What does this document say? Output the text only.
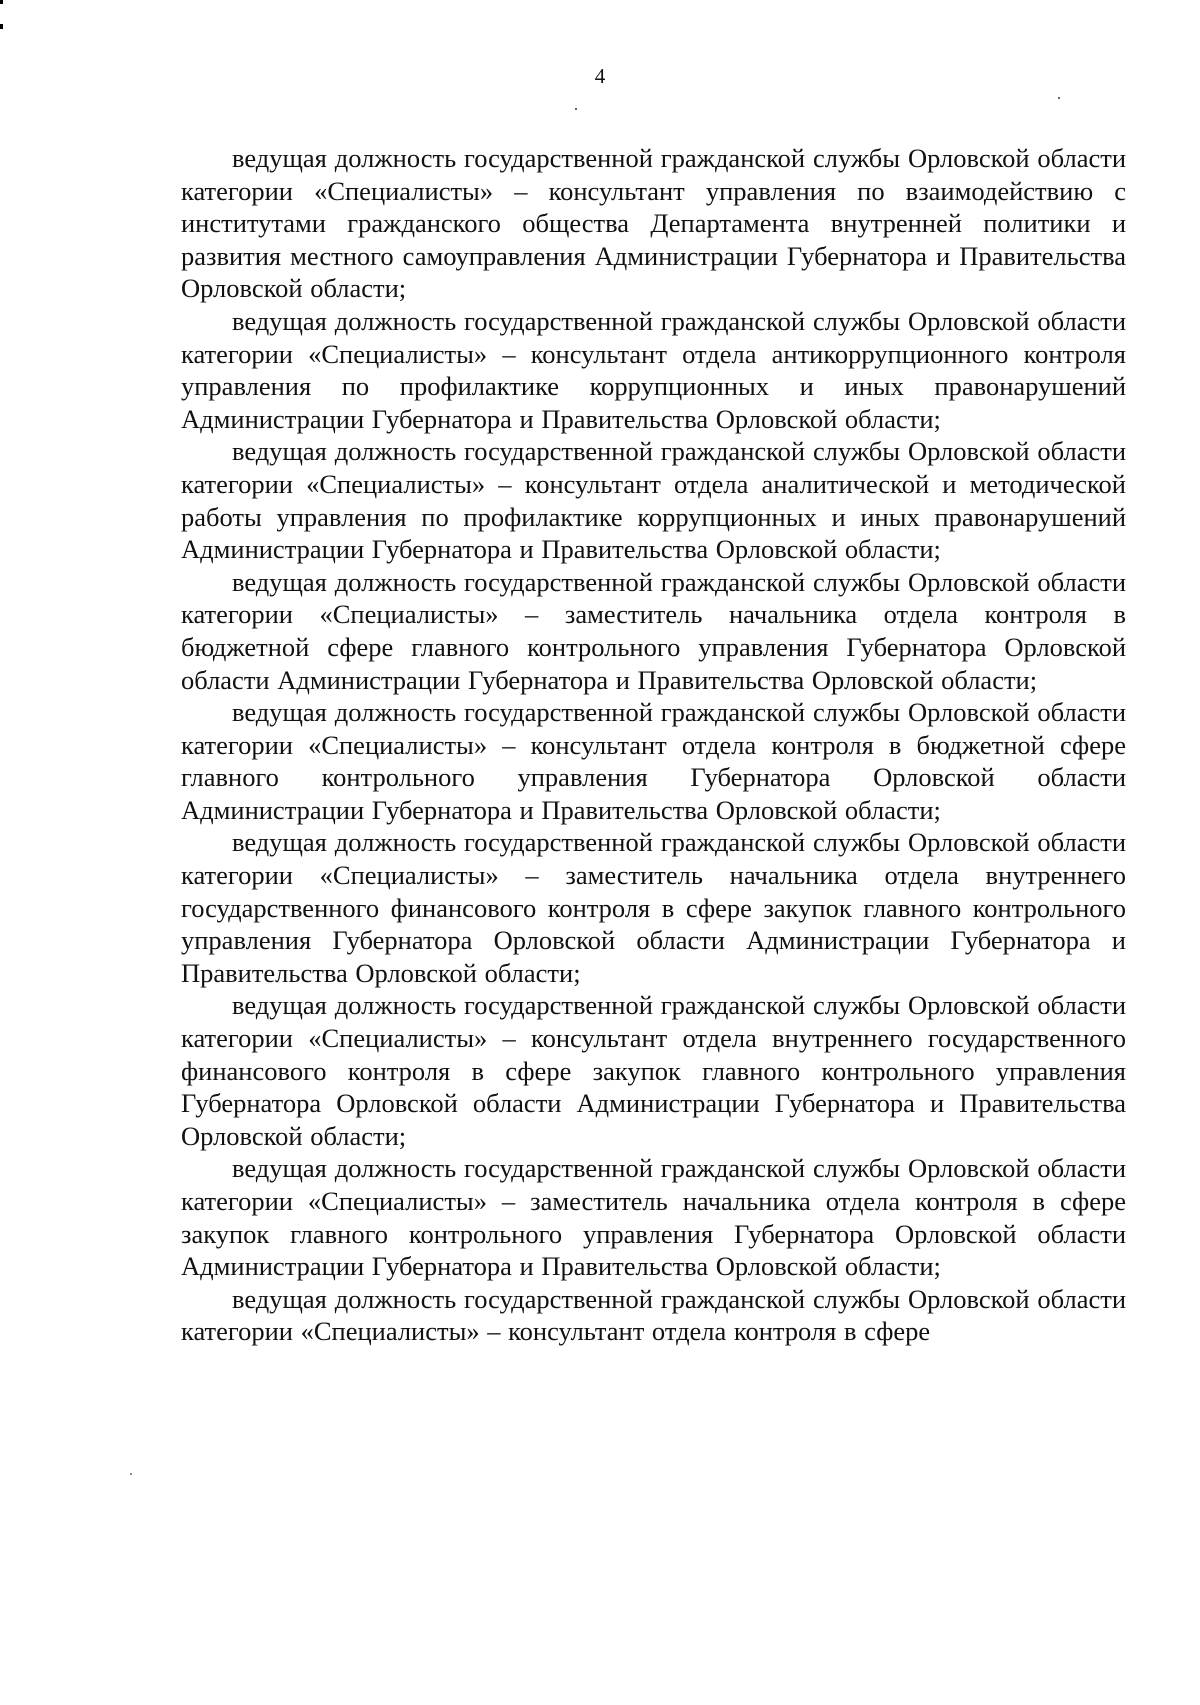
4

ведущая должность государственной гражданской службы Орловской области категории «Специалисты» – консультант управления по взаимодействию с институтами гражданского общества Департамента внутренней политики и развития местного самоуправления Администрации Губернатора и Правительства Орловской области;

ведущая должность государственной гражданской службы Орловской области категории «Специалисты» – консультант отдела антикоррупционного контроля управления по профилактике коррупционных и иных правонарушений Администрации Губернатора и Правительства Орловской области;

ведущая должность государственной гражданской службы Орловской области категории «Специалисты» – консультант отдела аналитической и методической работы управления по профилактике коррупционных и иных правонарушений Администрации Губернатора и Правительства Орловской области;

ведущая должность государственной гражданской службы Орловской области категории «Специалисты» – заместитель начальника отдела контроля в бюджетной сфере главного контрольного управления Губернатора Орловской области Администрации Губернатора и Правительства Орловской области;

ведущая должность государственной гражданской службы Орловской области категории «Специалисты» – консультант отдела контроля в бюджетной сфере главного контрольного управления Губернатора Орловской области Администрации Губернатора и Правительства Орловской области;

ведущая должность государственной гражданской службы Орловской области категории «Специалисты» – заместитель начальника отдела внутреннего государственного финансового контроля в сфере закупок главного контрольного управления Губернатора Орловской области Администрации Губернатора и Правительства Орловской области;

ведущая должность государственной гражданской службы Орловской области категории «Специалисты» – консультант отдела внутреннего государственного финансового контроля в сфере закупок главного контрольного управления Губернатора Орловской области Администрации Губернатора и Правительства Орловской области;

ведущая должность государственной гражданской службы Орловской области категории «Специалисты» – заместитель начальника отдела контроля в сфере закупок главного контрольного управления Губернатора Орловской области Администрации Губернатора и Правительства Орловской области;

ведущая должность государственной гражданской службы Орловской области категории «Специалисты» – консультант отдела контроля в сфере
